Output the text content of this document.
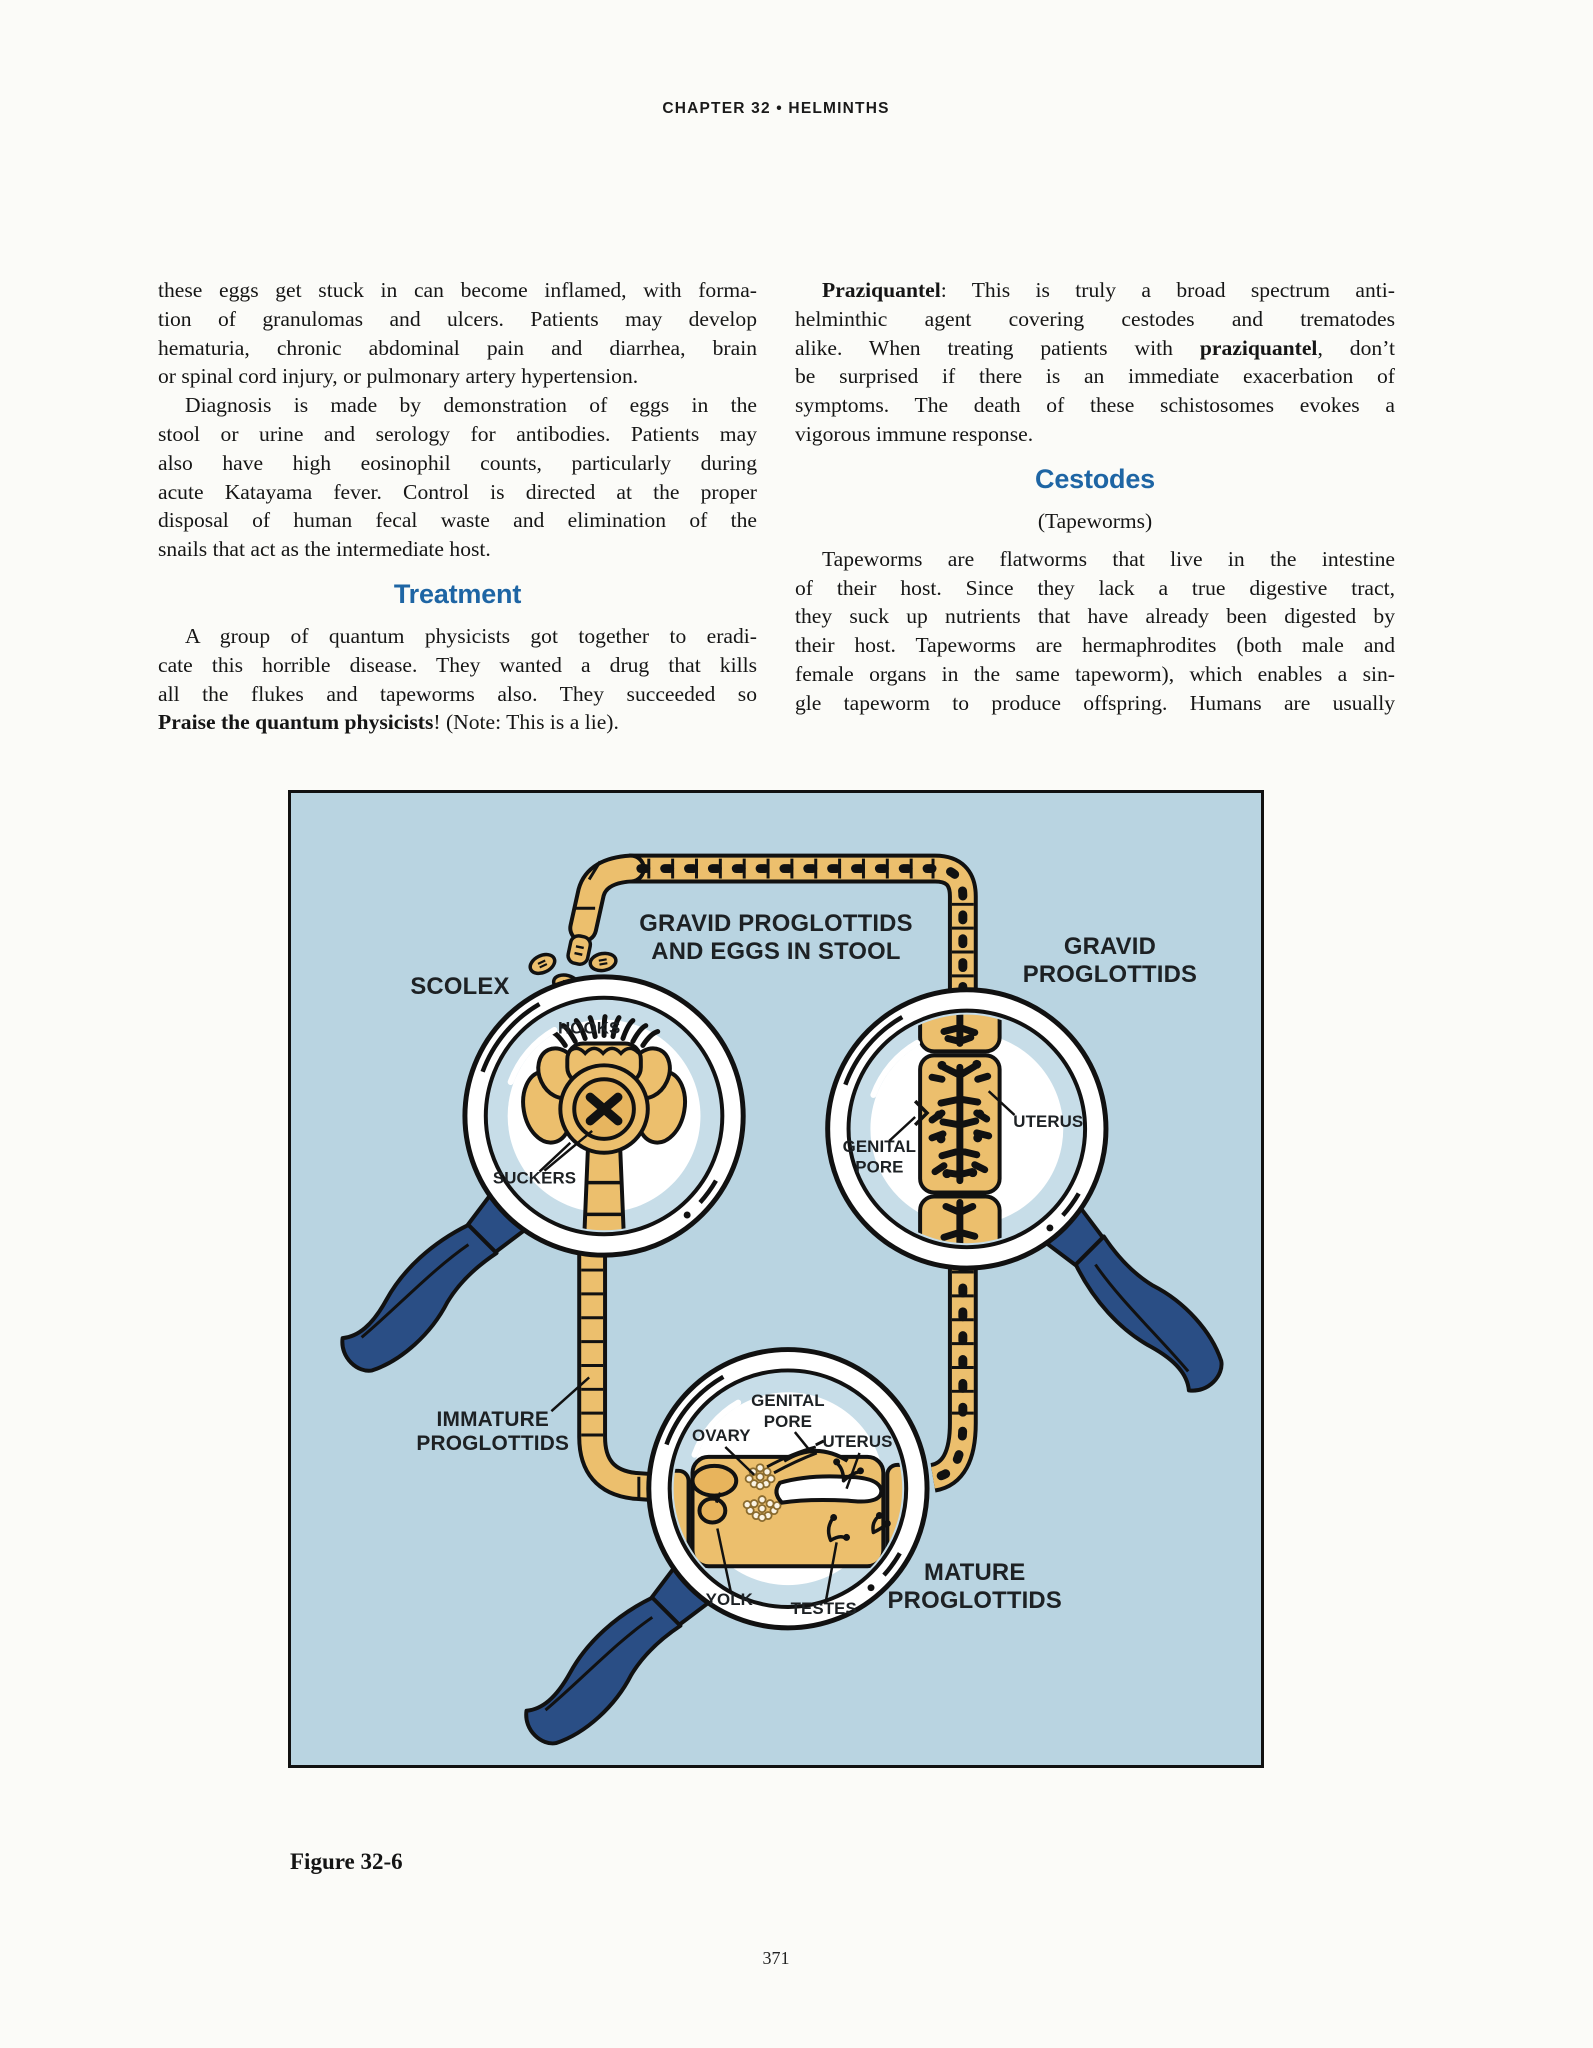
CHAPTER 32 • HELMINTHS
these eggs get stuck in can become inflamed, with forma-
tion of granulomas and ulcers. Patients may develop
hematuria, chronic abdominal pain and diarrhea, brain
or spinal cord injury, or pulmonary artery hypertension.
Diagnosis is made by demonstration of eggs in the
stool or urine and serology for antibodies. Patients may
also have high eosinophil counts, particularly during
acute Katayama fever. Control is directed at the proper
disposal of human fecal waste and elimination of the
snails that act as the intermediate host.
Treatment
A group of quantum physicists got together to eradi-
cate this horrible disease. They wanted a drug that kills
all the flukes and tapeworms also. They succeeded so
Praise the quantum physicists! (Note: This is a lie).
Praziquantel: This is truly a broad spectrum anti-
helminthic agent covering cestodes and trematodes
alike. When treating patients with praziquantel, don’t
be surprised if there is an immediate exacerbation of
symptoms. The death of these schistosomes evokes a
vigorous immune response.
Cestodes
(Tapeworms)
Tapeworms are flatworms that live in the intestine
of their host. Since they lack a true digestive tract,
they suck up nutrients that have already been digested by
their host. Tapeworms are hermaphrodites (both male and
female organs in the same tapeworm), which enables a sin-
gle tapeworm to produce offspring. Humans are usually
HOOKS
SUCKERS
GENITAL
PORE
UTERUS
GENITAL
PORE
OVARY	UTERUS
YOLK TESTES
GRAVID PROGLOTTIDS
AND EGGS IN STOOL
SCOLEX
GRAVID
PROGLOTTIDS
IMMATURE
PROGLOTTIDS
MATURE
PROGLOTTIDS
Figure 32-6
371
